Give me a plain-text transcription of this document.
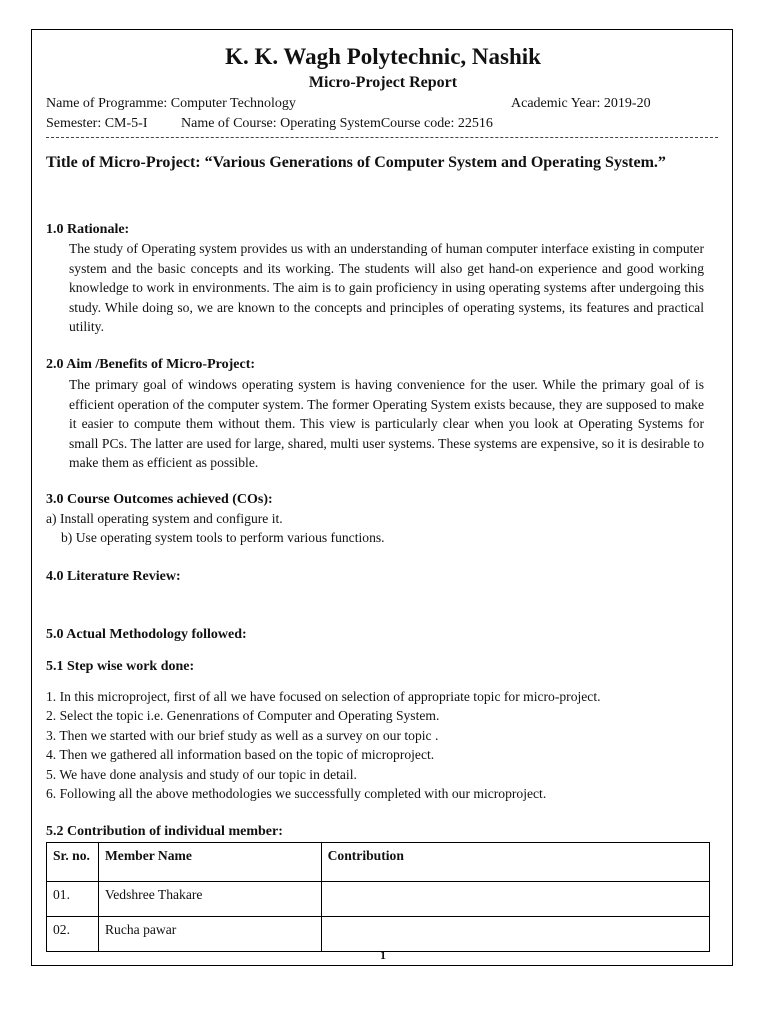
K. K. Wagh Polytechnic, Nashik
Micro-Project Report
Name of Programme: Computer Technology	Academic Year: 2019-20
Semester: CM-5-I Name of Course: Operating SystemCourse code: 22516
Title of Micro-Project: “Various Generations of Computer System and Operating System.”
1.0 Rationale:
The study of Operating system provides us with an understanding of human computer interface existing in computer system and the basic concepts and its working. The students will also get hand-on experience and good working knowledge to work in environments. The aim is to gain proficiency in using operating systems after undergoing this study. While doing so, we are known to the concepts and principles of operating systems, its features and practical utility.
2.0 Aim /Benefits of Micro-Project:
The primary goal of windows operating system is having convenience for the user. While the primary goal of is efficient operation of the computer system. The former Operating System exists because, they are supposed to make it easier to compute them without them. This view is particularly clear when you look at Operating Systems for small PCs. The latter are used for large, shared, multi user systems. These systems are expensive, so it is desirable to make them as efficient as possible.
3.0 Course Outcomes achieved (COs):
a) Install operating system and configure it.
b) Use operating system tools to perform various functions.
4.0 Literature Review:
5.0 Actual Methodology followed:
5.1 Step wise work done:
1. In this microproject, first of all we have focused on selection of appropriate topic for micro-project.
2. Select the topic i.e. Genenrations of Computer and Operating System.
3. Then we started with our brief study as well as a survey on our topic .
4. Then we gathered all information based on the topic of microproject.
5. We have done analysis and study of our topic in detail.
6. Following all the above methodologies we successfully completed with our microproject.
5.2 Contribution of individual member:
Sr. no.	Member Name	Contribution
01.	Vedshree Thakare	
02.	Rucha pawar	
1
